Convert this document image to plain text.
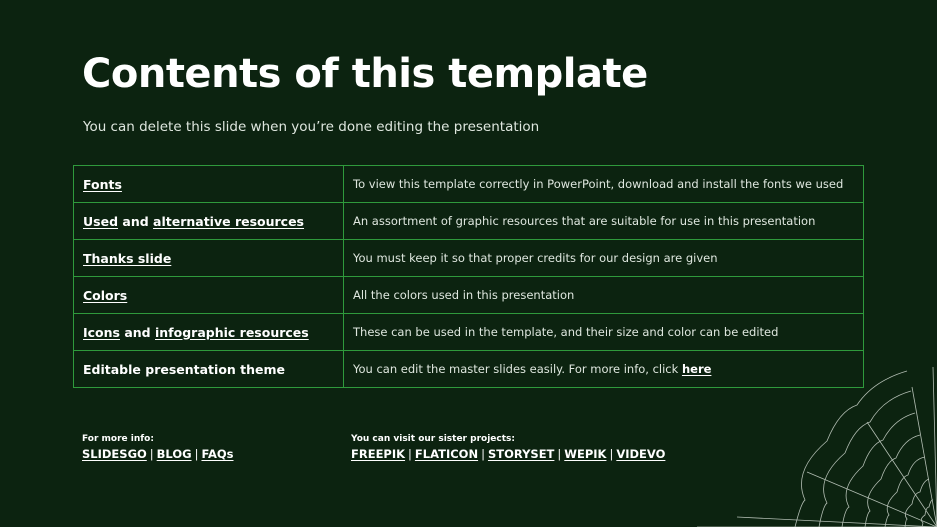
Contents of this template

You can delete this slide when you’re done editing the presentation

Fonts	To view this template correctly in PowerPoint, download and install the fonts we used
Used and alternative resources	An assortment of graphic resources that are suitable for use in this presentation
Thanks slide	You must keep it so that proper credits for our design are given
Colors	All the colors used in this presentation
Icons and infographic resources	These can be used in the template, and their size and color can be edited
Editable presentation theme	You can edit the master slides easily. For more info, click here
For more info:
SLIDESGO | BLOG | FAQs
You can visit our sister projects:
FREEPIK | FLATICON | STORYSET | WEPIK | VIDEVO
